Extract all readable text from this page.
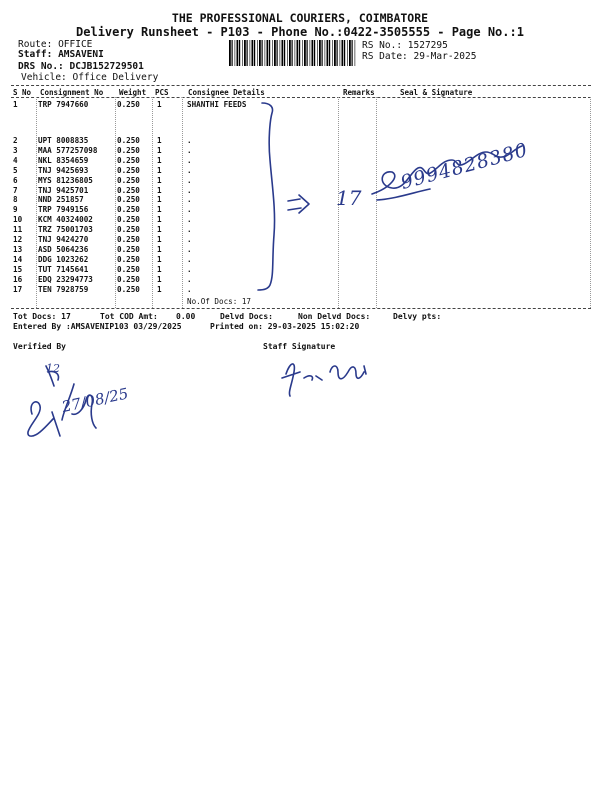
THE PROFESSIONAL COURIERS, COIMBATORE
Delivery Runsheet - P103 - Phone No.:0422-3505555 - Page No.:1
Route: OFFICE
Staff: AMSAVENI
DRS No.: DCJB152729501
Vehicle: Office Delivery
RS No.: 1527295
RS Date: 29-Mar-2025
S No Consignment No Weight PCS	Consignee Details	Remarks	Seal & Signature
1	TRP 7947660	0.250 1	SHANTHI FEEDS
2	UPT 8008835	0.250 1	.
3	MAA 577257098	0.250 1	.
4	NKL 8354659	0.250 1	.
5	TNJ 9425693	0.250 1	.
6	MYS 81236805	0.250 1	.
7	TNJ 9425701	0.250 1	.
8	NND 251857	0.250 1	.
9	TRP 7949156	0.250 1	.
10 KCM 40324002	0.250 1	.
11 TRZ 75001703	0.250 1	.
12 TNJ 9424270	0.250 1	.
13 ASD 5064236	0.250 1	.
14 DDG 1023262	0.250 1	.
15 TUT 7145641	0.250 1	.
16 EDQ 23294773	0.250 1	.
17 TEN 7928759	0.250 1	.
No.Of Docs: 17
Tot Docs: 17	Tot COD Amt: 0.00	Delvd Docs:	Non Delvd Docs:	Delvy pts:
Entered By :AMSAVENIP103 03/29/2025	Printed on: 29-03-2025 15:02:20
Verified By	Staff Signature
17
9994828380
27/08/25
12
